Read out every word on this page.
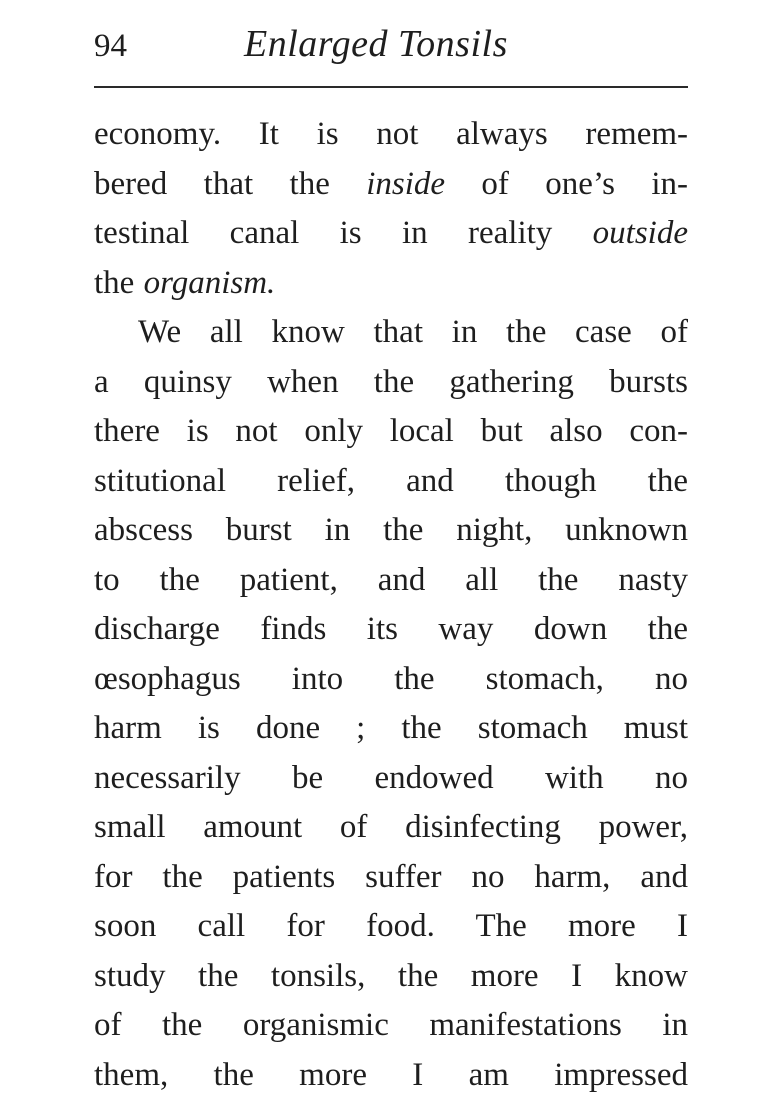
94	Enlarged Tonsils
economy. It is not always remem-
bered that the inside of one’s in-
testinal canal is in reality outside
the organism.
We all know that in the case of
a quinsy when the gathering bursts
there is not only local but also con-
stitutional relief, and though the
abscess burst in the night, unknown
to the patient, and all the nasty
discharge finds its way down the
œsophagus into the stomach, no
harm is done ; the stomach must
necessarily be endowed with no
small amount of disinfecting power,
for the patients suffer no harm, and
soon call for food. The more I
study the tonsils, the more I know
of the organismic manifestations in
them, the more I am impressed
